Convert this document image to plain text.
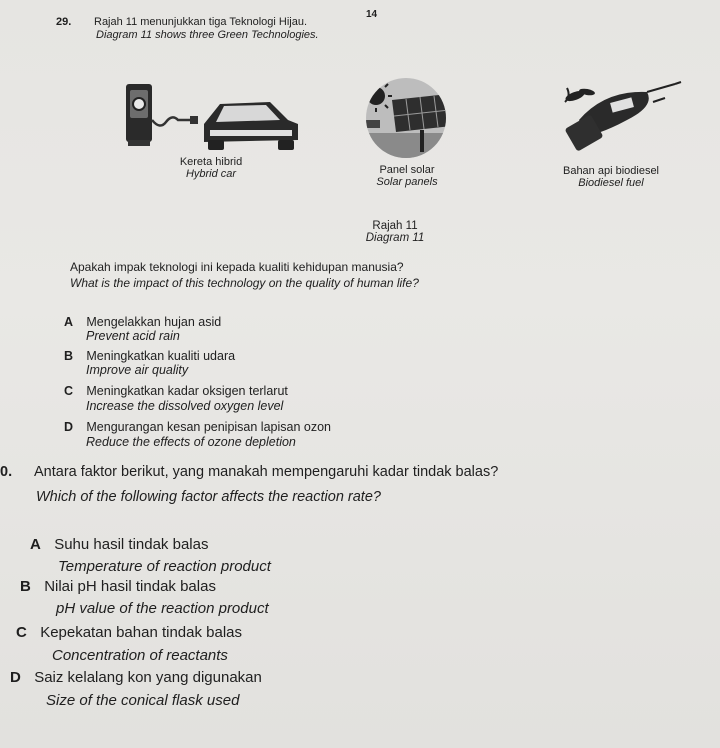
14
29. Rajah 11 menunjukkan tiga Teknologi Hijau.
Diagram 11 shows three Green Technologies.
Kereta hibrid
Hybrid car	Panel solar
Solar panels
Bahan api biodiesel
Biodiesel fuel
Rajah 11
Diagram 11
Apakah impak teknologi ini kepada kualiti kehidupan manusia?
What is the impact of this technology on the quality of human life?
A Mengelakkan hujan asid
Prevent acid rain
B Meningkatkan kualiti udara
Improve air quality
C Meningkatkan kadar oksigen terlarut
Increase the dissolved oxygen level
D Mengurangan kesan penipisan lapisan ozon
Reduce the effects of ozone depletion
0. Antara faktor berikut, yang manakah mempengaruhi kadar tindak balas?
Which of the following factor affects the reaction rate?
A Suhu hasil tindak balas
Temperature of reaction product
B Nilai pH hasil tindak balas
pH value of the reaction product
C Kepekatan bahan tindak balas
Concentration of reactants
D Saiz kelalang kon yang digunakan
Size of the conical flask used
